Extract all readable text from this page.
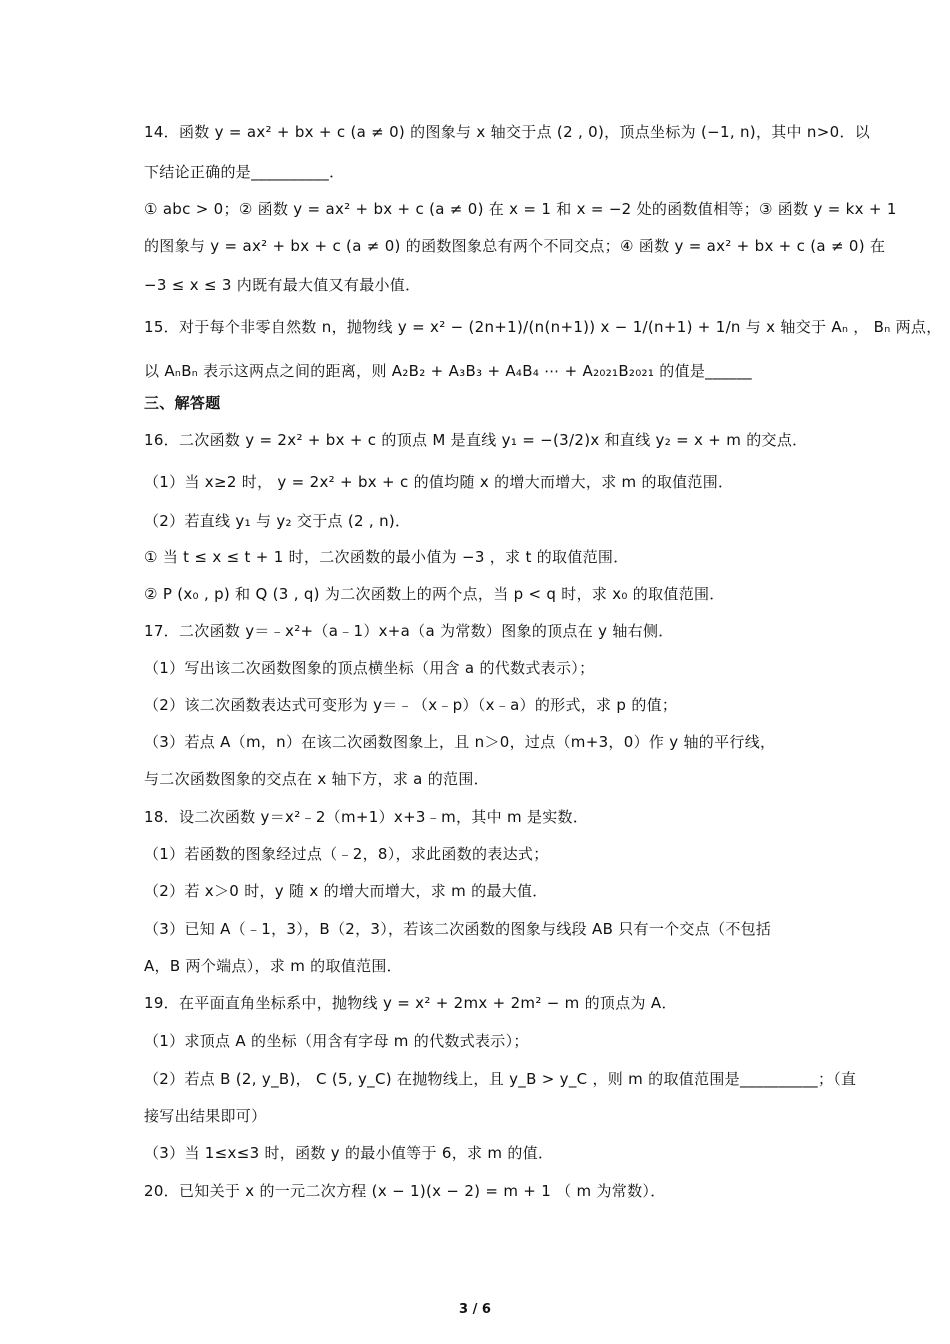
14．函数 y = ax² + bx + c (a ≠ 0) 的图象与 x 轴交于点 (2 , 0)，顶点坐标为 (−1, n)，其中 n>0．以
下结论正确的是__________．
① abc > 0；② 函数 y = ax² + bx + c (a ≠ 0) 在 x = 1 和 x = −2 处的函数值相等；③ 函数 y = kx + 1
的图象与 y = ax² + bx + c (a ≠ 0) 的函数图象总有两个不同交点；④ 函数 y = ax² + bx + c (a ≠ 0) 在
−3 ≤ x ≤ 3 内既有最大值又有最小值．
15．对于每个非零自然数 n，抛物线 y = x² − (2n+1)/(n(n+1)) x − 1/(n+1) + 1/n 与 x 轴交于 Aₙ ， Bₙ 两点，
以 AₙBₙ 表示这两点之间的距离，则 A₂B₂ + A₃B₃ + A₄B₄ ⋯ + A₂₀₂₁B₂₀₂₁ 的值是______
三、解答题
16．二次函数 y = 2x² + bx + c 的顶点 M 是直线 y₁ = −(3/2)x 和直线 y₂ = x + m 的交点．
（1）当 x≥2 时， y = 2x² + bx + c 的值均随 x 的增大而增大，求 m 的取值范围．
（2）若直线 y₁ 与 y₂ 交于点 (2 , n)．
① 当 t ≤ x ≤ t + 1 时，二次函数的最小值为 −3 ，求 t 的取值范围．
② P (x₀ , p) 和 Q (3 , q) 为二次函数上的两个点，当 p < q 时，求 x₀ 的取值范围．
17．二次函数 y＝﹣x²+（a﹣1）x+a（a 为常数）图象的顶点在 y 轴右侧．
（1）写出该二次函数图象的顶点横坐标（用含 a 的代数式表示）；
（2）该二次函数表达式可变形为 y＝﹣（x﹣p）（x﹣a）的形式，求 p 的值；
（3）若点 A（m，n）在该二次函数图象上，且 n＞0，过点（m+3，0）作 y 轴的平行线，
与二次函数图象的交点在 x 轴下方，求 a 的范围．
18．设二次函数 y＝x²﹣2（m+1）x+3﹣m，其中 m 是实数．
（1）若函数的图象经过点（﹣2，8），求此函数的表达式；
（2）若 x＞0 时，y 随 x 的增大而增大，求 m 的最大值．
（3）已知 A（﹣1，3），B（2，3），若该二次函数的图象与线段 AB 只有一个交点（不包括
A，B 两个端点），求 m 的取值范围．
19．在平面直角坐标系中，抛物线 y = x² + 2mx + 2m² − m 的顶点为 A．
（1）求顶点 A 的坐标（用含有字母 m 的代数式表示）；
（2）若点 B (2, y_B)， C (5, y_C) 在抛物线上，且 y_B > y_C ，则 m 的取值范围是__________；（直
接写出结果即可）
（3）当 1≤x≤3 时，函数 y 的最小值等于 6，求 m 的值．
20．已知关于 x 的一元二次方程 (x − 1)(x − 2) = m + 1 （ m 为常数）．
3 / 6
